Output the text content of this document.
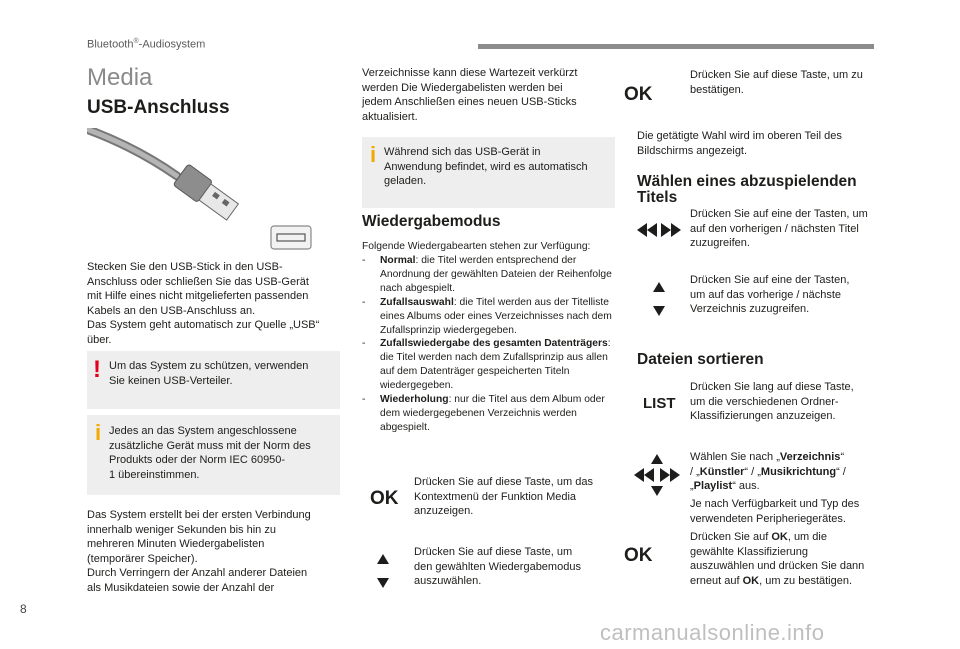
Bluetooth®-Audiosystem
Media
USB-Anschluss
Stecken Sie den USB-Stick in den USB-
Anschluss oder schließen Sie das USB-Gerät
mit Hilfe eines nicht mitgelieferten passenden
Kabels an den USB-Anschluss an.
Das System geht automatisch zur Quelle „USB“
über.
! Um das System zu schützen, verwenden
Sie keinen USB-Verteiler.
i Jedes an das System angeschlossene
zusätzliche Gerät muss mit der Norm des
Produkts oder der Norm IEC 60950-
1 übereinstimmen.
Das System erstellt bei der ersten Verbindung
innerhalb weniger Sekunden bis hin zu
mehreren Minuten Wiedergabelisten
(temporärer Speicher).
Durch Verringern der Anzahl anderer Dateien
als Musikdateien sowie der Anzahl der
Verzeichnisse kann diese Wartezeit verkürzt
werden Die Wiedergabelisten werden bei
jedem Anschließen eines neuen USB-Sticks
aktualisiert.
i Während sich das USB-Gerät in
Anwendung befindet, wird es automatisch
geladen.
Wiedergabemodus
Folgende Wiedergabearten stehen zur Verfügung:
- Normal: die Titel werden entsprechend der Anordnung der gewählten Dateien der Reihenfolge nach abgespielt.
- Zufallsauswahl: die Titel werden aus der Titelliste eines Albums oder eines Verzeichnisses nach dem Zufallsprinzip wiedergegeben.
- Zufallswiedergabe des gesamten Datenträgers: die Titel werden nach dem Zufallsprinzip aus allen auf dem Datenträger gespeicherten Titeln wiedergegeben.
- Wiederholung: nur die Titel aus dem Album oder dem wiedergegebenen Verzeichnis werden abgespielt.
OK
Drücken Sie auf diese Taste, um das
Kontextmenü der Funktion Media
anzuzeigen.
Drücken Sie auf diese Taste, um
den gewählten Wiedergabemodus
auszuwählen.
OK
Drücken Sie auf diese Taste, um zu
bestätigen.
Die getätigte Wahl wird im oberen Teil des
Bildschirms angezeigt.
Wählen eines abzuspielenden
Titels
Drücken Sie auf eine der Tasten, um
auf den vorherigen / nächsten Titel
zuzugreifen.
Drücken Sie auf eine der Tasten,
um auf das vorherige / nächste
Verzeichnis zuzugreifen.
Dateien sortieren
LIST
Drücken Sie lang auf diese Taste,
um die verschiedenen Ordner-
Klassifizierungen anzuzeigen.
Wählen Sie nach „Verzeichnis“
/ „Künstler“ / „Musikrichtung“ /
„Playlist“ aus.
Je nach Verfügbarkeit und Typ des
verwendeten Peripheriegerätes.
OK
Drücken Sie auf OK, um die
gewählte Klassifizierung
auszuwählen und drücken Sie dann
erneut auf OK, um zu bestätigen.
8
carmanualsonline.info
